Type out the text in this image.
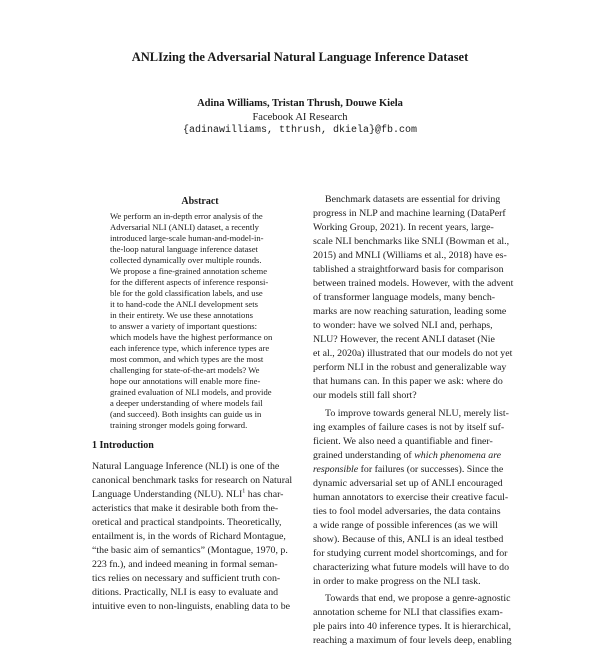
ANLIzing the Adversarial Natural Language Inference Dataset
Adina Williams, Tristan Thrush, Douwe Kiela
Facebook AI Research
{adinawilliams, tthrush, dkiela}@fb.com
Abstract
We perform an in-depth error analysis of the
Adversarial NLI (ANLI) dataset, a recently
introduced large-scale human-and-model-in-
the-loop natural language inference dataset
collected dynamically over multiple rounds.
We propose a fine-grained annotation scheme
for the different aspects of inference responsi-
ble for the gold classification labels, and use
it to hand-code the ANLI development sets
in their entirety. We use these annotations
to answer a variety of important questions:
which models have the highest performance on
each inference type, which inference types are
most common, and which types are the most
challenging for state-of-the-art models? We
hope our annotations will enable more fine-
grained evaluation of NLI models, and provide
a deeper understanding of where models fail
(and succeed). Both insights can guide us in
training stronger models going forward.
1 Introduction
Natural Language Inference (NLI) is one of the
canonical benchmark tasks for research on Natural
Language Understanding (NLU). NLI$^1$ has char-
acteristics that make it desirable both from the-
oretical and practical standpoints. Theoretically,
entailment is, in the words of Richard Montague,
“the basic aim of semantics” (Montague, 1970, p.
223 fn.), and indeed meaning in formal seman-
tics relies on necessary and sufficient truth con-
ditions. Practically, NLI is easy to evaluate and
Benchmark datasets are essential for driving
progress in NLP and machine learning (DataPerf
Working Group, 2021). In recent years, large-
scale NLI benchmarks like SNLI (Bowman et al.,
2015) and MNLI (Williams et al., 2018) have es-
tablished a straightforward basis for comparison
between trained models. However, with the advent
of transformer language models, many bench-
marks are now reaching saturation, leading some
to wonder: have we solved NLI and, perhaps,
NLU? However, the recent ANLI dataset (Nie
et al., 2020a) illustrated that our models do not yet
perform NLI in the robust and generalizable way
that humans can. In this paper we ask: where do
our models still fall short?
To improve towards general NLU, merely list-
ing examples of failure cases is not by itself suf-
ficient. We also need a quantifiable and finer-
grained understanding of which phenomena are
responsible for failures (or successes). Since the
dynamic adversarial set up of ANLI encouraged
human annotators to exercise their creative facul-
ties to fool model adversaries, the data contains
a wide range of possible inferences (as we will
show). Because of this, ANLI is an ideal testbed
for studying current model shortcomings, and for
characterizing what future models will have to do
in order to make progress on the NLI task.
Towards that end, we propose a genre-agnostic
annotation scheme for NLI that classifies exam-
ple pairs into 40 inference types. It is hierarchical,
reaching a maximum of four levels deep, enabling
intuitive even to non-linguists, enabling data to be
